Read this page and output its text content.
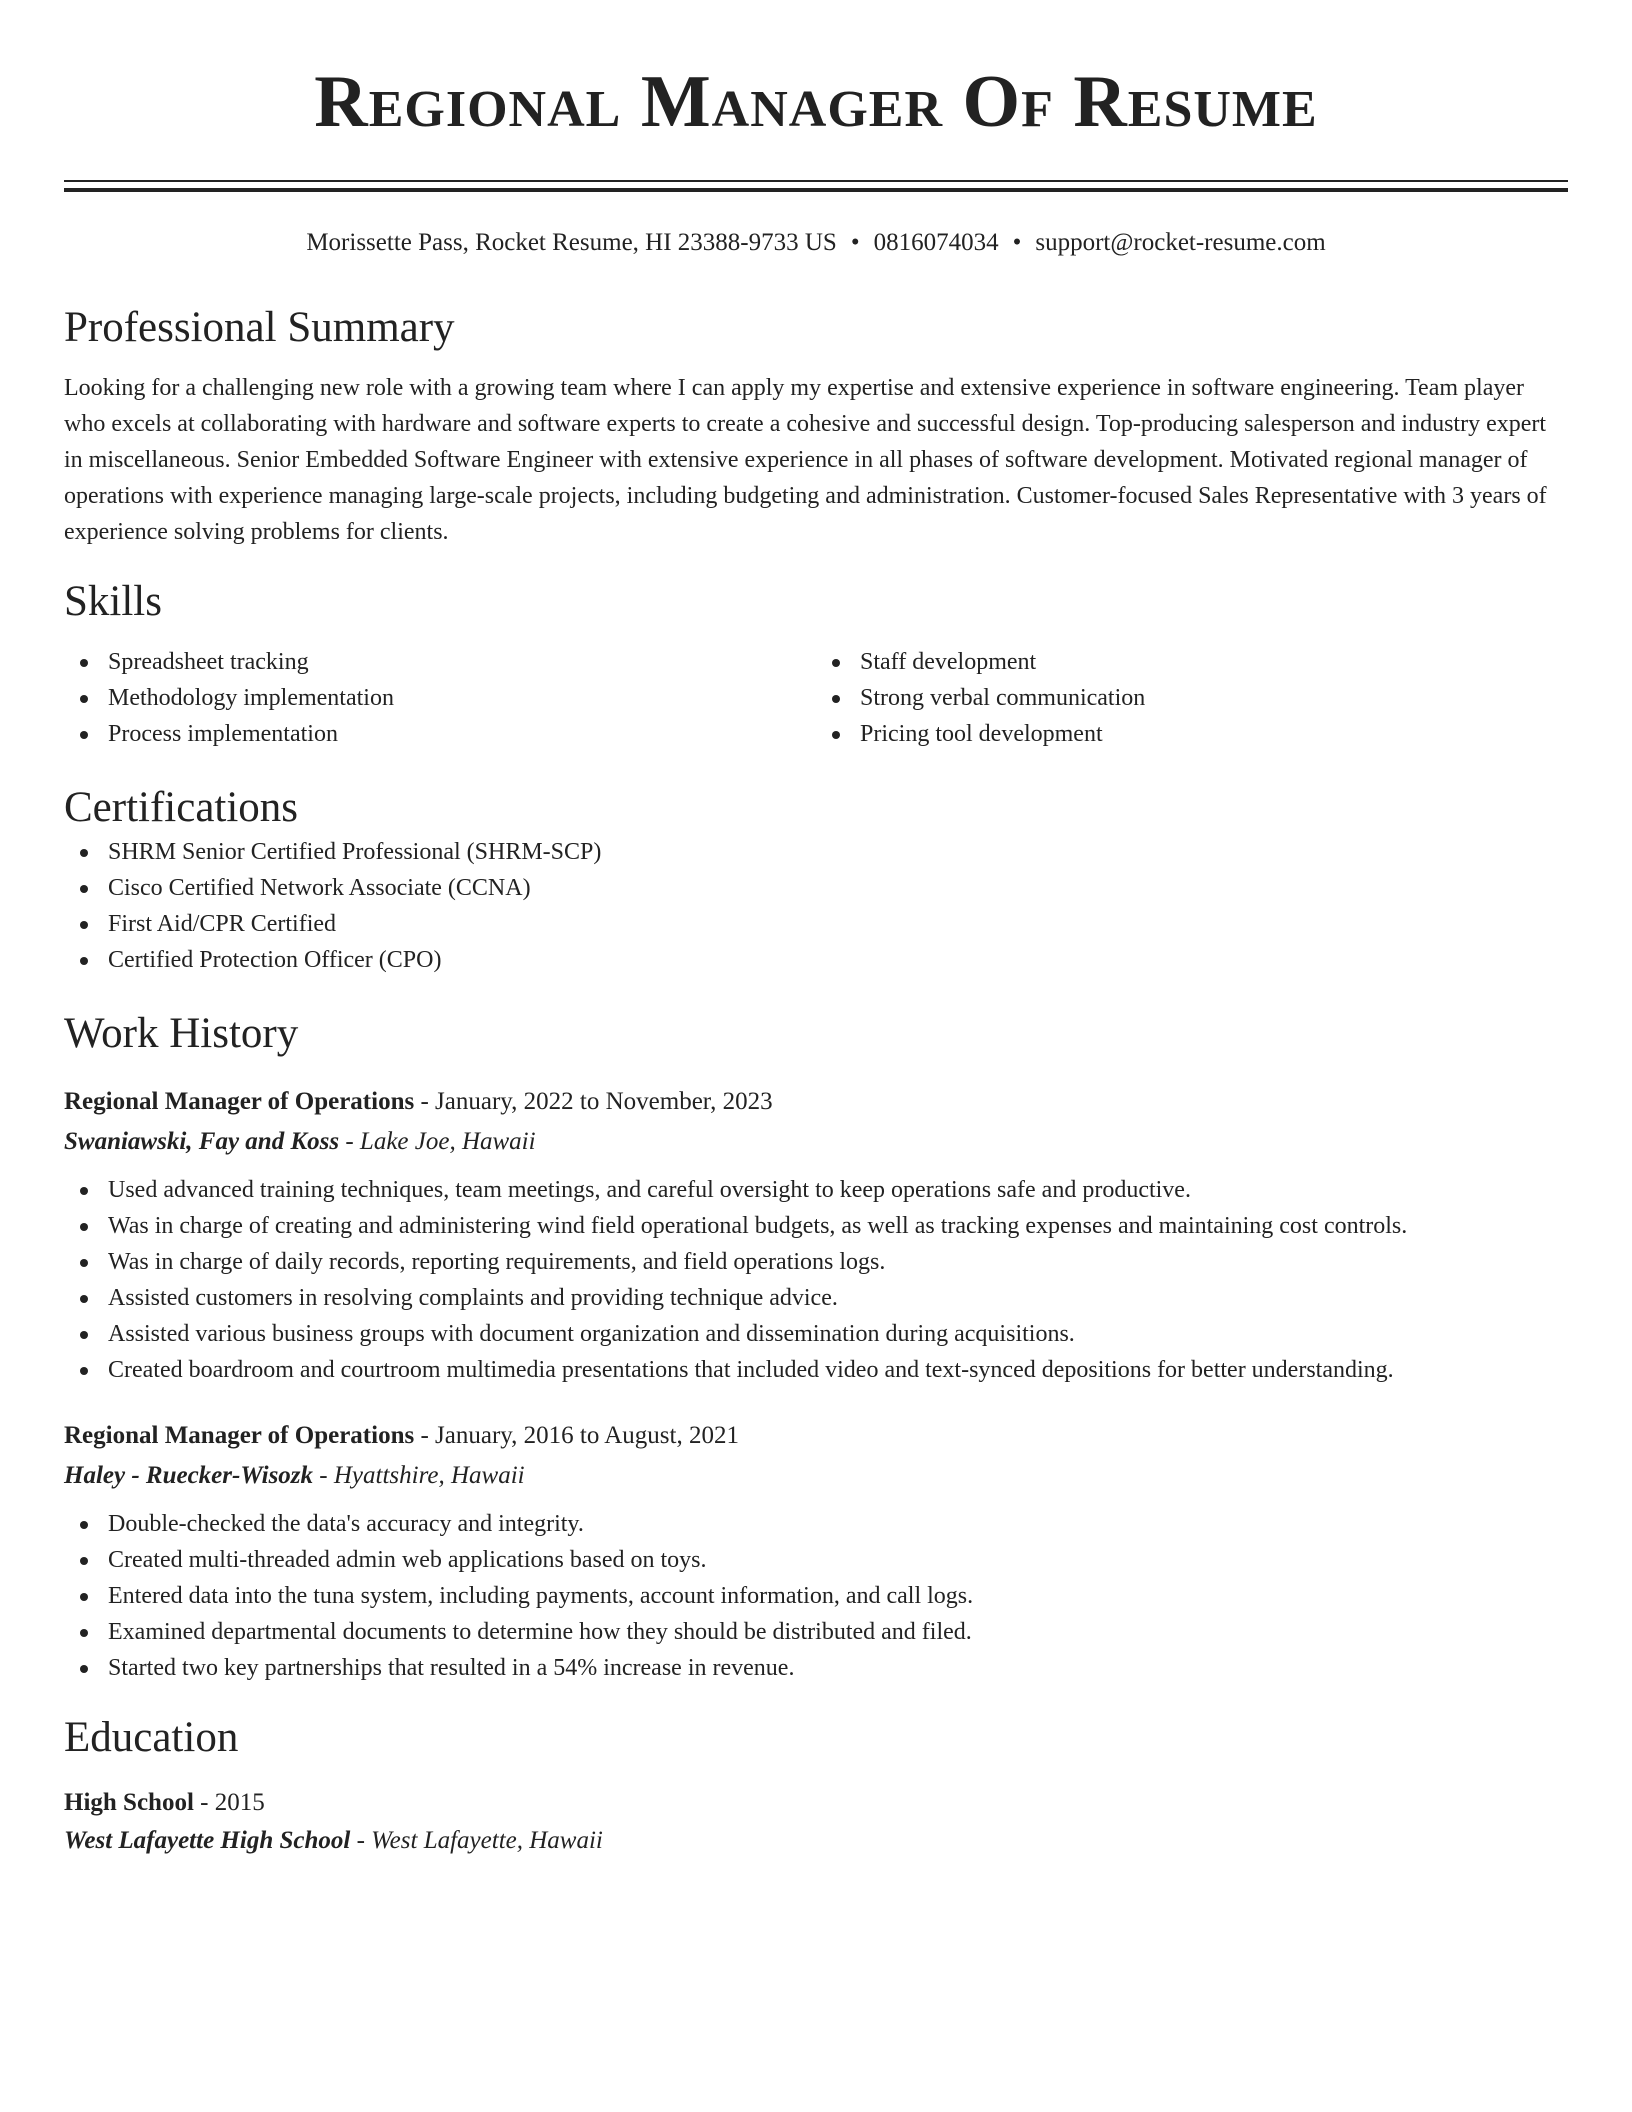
Regional Manager Of Resume
Morissette Pass, Rocket Resume, HI 23388-9733 US • 0816074034 • support@rocket-resume.com
Professional Summary

Looking for a challenging new role with a growing team where I can apply my expertise and extensive experience in software engineering. Team player who excels at collaborating with hardware and software experts to create a cohesive and successful design. Top-producing salesperson and industry expert in miscellaneous. Senior Embedded Software Engineer with extensive experience in all phases of software development. Motivated regional manager of operations with experience managing large-scale projects, including budgeting and administration. Customer-focused Sales Representative with 3 years of experience solving problems for clients.

Skills
Spreadsheet tracking
Methodology implementation
Process implementation
Staff development
Strong verbal communication
Pricing tool development
Certifications
SHRM Senior Certified Professional (SHRM-SCP)
Cisco Certified Network Associate (CCNA)
First Aid/CPR Certified
Certified Protection Officer (CPO)
Work History
Regional Manager of Operations - January, 2022 to November, 2023
Swaniawski, Fay and Koss - Lake Joe, Hawaii
Used advanced training techniques, team meetings, and careful oversight to keep operations safe and productive.
Was in charge of creating and administering wind field operational budgets, as well as tracking expenses and maintaining cost controls.
Was in charge of daily records, reporting requirements, and field operations logs.
Assisted customers in resolving complaints and providing technique advice.
Assisted various business groups with document organization and dissemination during acquisitions.
Created boardroom and courtroom multimedia presentations that included video and text-synced depositions for better understanding.
Regional Manager of Operations - January, 2016 to August, 2021
Haley - Ruecker-Wisozk - Hyattshire, Hawaii
Double-checked the data's accuracy and integrity.
Created multi-threaded admin web applications based on toys.
Entered data into the tuna system, including payments, account information, and call logs.
Examined departmental documents to determine how they should be distributed and filed.
Started two key partnerships that resulted in a 54% increase in revenue.
Education
High School - 2015
West Lafayette High School - West Lafayette, Hawaii
